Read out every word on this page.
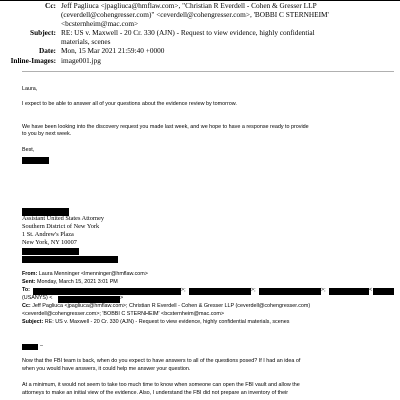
Cc: Jeff Pagliuca <jpagliuca@hmflaw.com>, "Christian R Everdell - Cohen & Gresser LLP
(ceverdell@cohengresser.com)" <ceverdell@cohengresser.com>, 'BOBBI C STERNHEIM'
<bcsternheim@mac.com>
Subject: RE: US v. Maxwell - 20 Cr. 330 (AJN) - Request to view evidence, highly confidential
materials, scenes
Date: Mon, 15 Mar 2021 21:59:40 +0000
Inline-Images: image001.jpg
Laura,
I expect to be able to answer all of your questions about the evidence review by tomorrow.
We have been looking into the discovery request you made last week, and we hope to have a response ready to provide
to you by next week.
Best,
Assistant United States Attorney
Southern District of New York
1 St. Andrew's Plaza
New York, NY 10007
From: Laura Menninger <lmenninger@hmflaw.com>
Sent: Monday, March 15, 2021 3:01 PM
To:	>;	>;	>;	<
(USANYS) <	>
Cc: Jeff Pagliuca <jpagliuca@hmflaw.com>; Christian R Everdell - Cohen & Gresser LLP (ceverdell@cohengresser.com)
<ceverdell@cohengresser.com>; 'BOBBI C STERNHEIM' <bcsternheim@mac.com>
Subject: RE: US v. Maxwell - 20 Cr. 330 (AJN) - Request to view evidence, highly confidential materials, scenes
–
Now that the FBI team is back, when do you expect to have answers to all of the questions posed? If I had an idea of
when you would have answers, it could help me answer your question.
At a minimum, it would not seem to take too much time to know when someone can open the FBI vault and allow the
attorneys to make an initial view of the evidence. Also, I understand the FBI did not prepare an inventory of their
